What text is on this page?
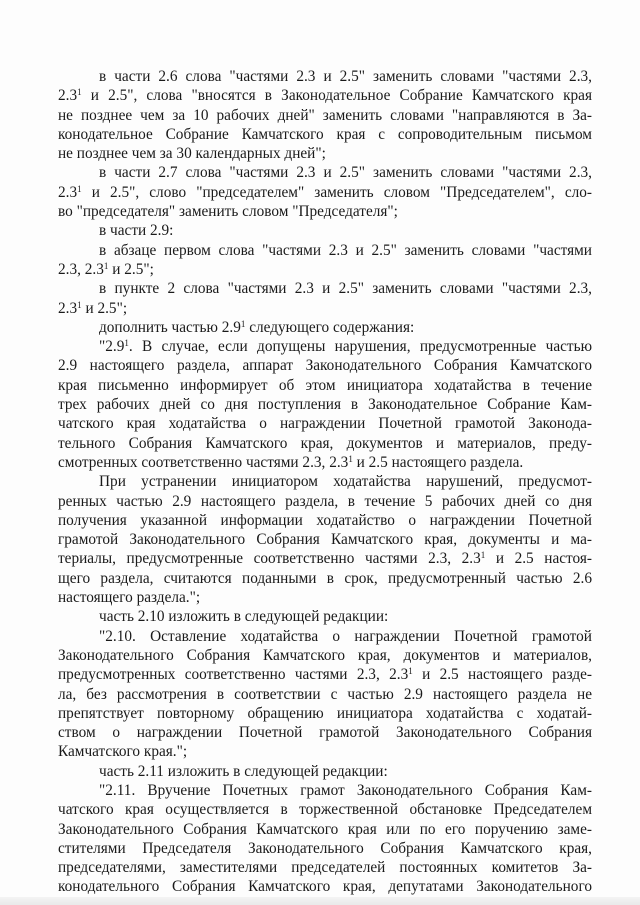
в части 2.6 слова "частями 2.3 и 2.5" заменить словами "частями 2.3,
$2.3^1$ и 2.5", слова "вносятся в Законодательное Собрание Камчатского края
не позднее чем за 10 рабочих дней" заменить словами "направляются в За-
конодательное Собрание Камчатского края с сопроводительным письмом
не позднее чем за 30 календарных дней";
в части 2.7 слова "частями 2.3 и 2.5" заменить словами "частями 2.3,
$2.3^1$ и 2.5", слово "председателем" заменить словом "Председателем", сло-
во "председателя" заменить словом "Председателя";
в части 2.9:
в абзаце первом слова "частями 2.3 и 2.5" заменить словами "частями
2.3, $2.3^1$ и 2.5";
в пункте 2 слова "частями 2.3 и 2.5" заменить словами "частями 2.3,
$2.3^1$ и 2.5";
дополнить частью $2.9^1$ следующего содержания:
"$2.9^1$. В случае, если допущены нарушения, предусмотренные частью
2.9 настоящего раздела, аппарат Законодательного Собрания Камчатского
края письменно информирует об этом инициатора ходатайства в течение
трех рабочих дней со дня поступления в Законодательное Собрание Кам-
чатского края ходатайства о награждении Почетной грамотой Законода-
тельного Собрания Камчатского края, документов и материалов, преду-
смотренных соответственно частями 2.3, $2.3^1$ и 2.5 настоящего раздела.
При устранении инициатором ходатайства нарушений, предусмот-
ренных частью 2.9 настоящего раздела, в течение 5 рабочих дней со дня
получения указанной информации ходатайство о награждении Почетной
грамотой Законодательного Собрания Камчатского края, документы и ма-
териалы, предусмотренные соответственно частями 2.3, $2.3^1$ и 2.5 настоя-
щего раздела, считаются поданными в срок, предусмотренный частью 2.6
настоящего раздела.";
часть 2.10 изложить в следующей редакции:
"2.10. Оставление ходатайства о награждении Почетной грамотой
Законодательного Собрания Камчатского края, документов и материалов,
предусмотренных соответственно частями 2.3, $2.3^1$ и 2.5 настоящего разде-
ла, без рассмотрения в соответствии с частью 2.9 настоящего раздела не
препятствует повторному обращению инициатора ходатайства с ходатай-
ством о награждении Почетной грамотой Законодательного Собрания
Камчатского края.";
часть 2.11 изложить в следующей редакции:
"2.11. Вручение Почетных грамот Законодательного Собрания Кам-
чатского края осуществляется в торжественной обстановке Председателем
Законодательного Собрания Камчатского края или по его поручению заме-
стителями Председателя Законодательного Собрания Камчатского края,
председателями, заместителями председателей постоянных комитетов За-
конодательного Собрания Камчатского края, депутатами Законодательного
